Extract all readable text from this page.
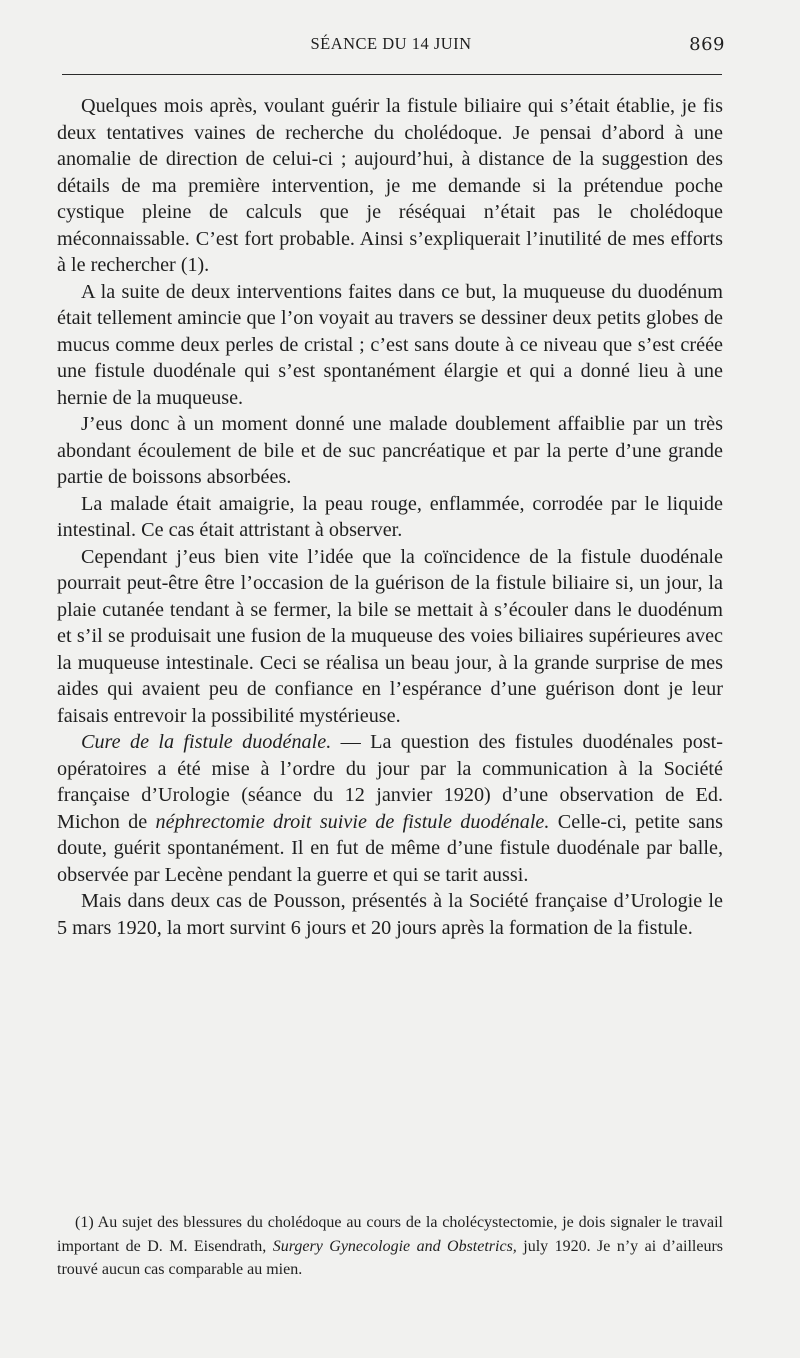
SÉANCE DU 14 JUIN	869

Quelques mois après, voulant guérir la fistule biliaire qui s’était établie, je fis deux tentatives vaines de recherche du cholédoque. Je pensai d’abord à une anomalie de direction de celui-ci ; aujourd’hui, à distance de la suggestion des détails de ma première intervention, je me demande si la prétendue poche cystique pleine de calculs que je réséquai n’était pas le cholédoque méconnaissable. C’est fort probable. Ainsi s’expliquerait l’inutilité de mes efforts à le rechercher (1).

A la suite de deux interventions faites dans ce but, la muqueuse du duodénum était tellement amincie que l’on voyait au travers se dessiner deux petits globes de mucus comme deux perles de cristal ; c’est sans doute à ce niveau que s’est créée une fistule duodénale qui s’est spontanément élargie et qui a donné lieu à une hernie de la muqueuse.

J’eus donc à un moment donné une malade doublement affaiblie par un très abondant écoulement de bile et de suc pancréatique et par la perte d’une grande partie de boissons absorbées.

La malade était amaigrie, la peau rouge, enflammée, corrodée par le liquide intestinal. Ce cas était attristant à observer.

Cependant j’eus bien vite l’idée que la coïncidence de la fistule duodénale pourrait peut-être être l’occasion de la guérison de la fistule biliaire si, un jour, la plaie cutanée tendant à se fermer, la bile se mettait à s’écouler dans le duodénum et s’il se produisait une fusion de la muqueuse des voies biliaires supérieures avec la muqueuse intestinale. Ceci se réalisa un beau jour, à la grande surprise de mes aides qui avaient peu de confiance en l’espérance d’une guérison dont je leur faisais entrevoir la possibilité mystérieuse.

Cure de la fistule duodénale. — La question des fistules duodénales post-opératoires a été mise à l’ordre du jour par la communication à la Société française d’Urologie (séance du 12 janvier 1920) d’une observation de Ed. Michon de néphrectomie droit suivie de fistule duodénale. Celle-ci, petite sans doute, guérit spontanément. Il en fut de même d’une fistule duodénale par balle, observée par Lecène pendant la guerre et qui se tarit aussi.

Mais dans deux cas de Pousson, présentés à la Société française d’Urologie le 5 mars 1920, la mort survint 6 jours et 20 jours après la formation de la fistule.

(1) Au sujet des blessures du cholédoque au cours de la cholécystectomie, je dois signaler le travail important de D. M. Eisendrath, Surgery Gynecologie and Obstetrics, july 1920. Je n’y ai d’ailleurs trouvé aucun cas comparable au mien.
